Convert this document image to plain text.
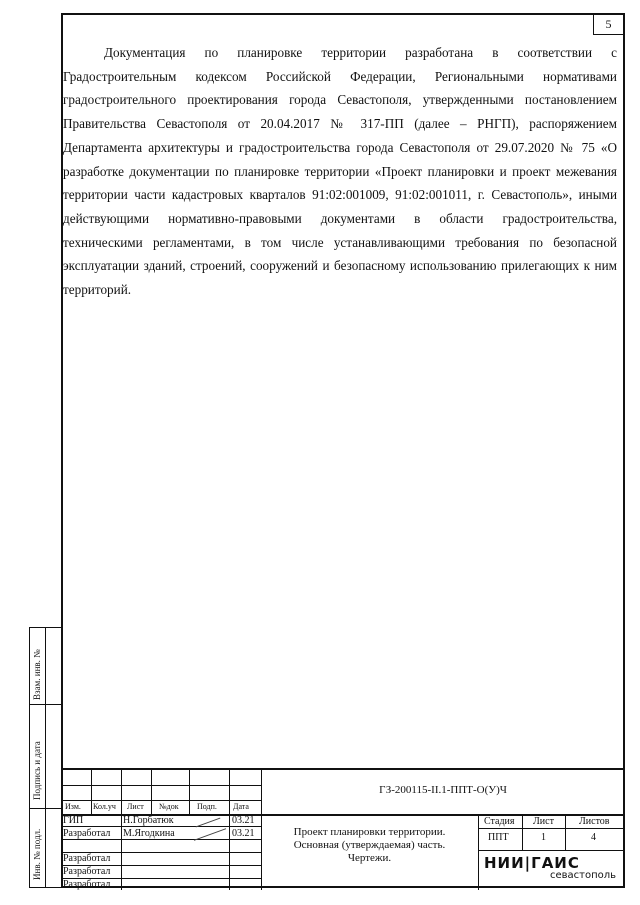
5

Документация по планировке территории разработана в соответствии с Градостроительным кодексом Российской Федерации, Региональными нормативами градостроительного проектирования города Севастополя, утвержденными постановлением Правительства Севастополя от 20.04.2017 № 317-ПП (далее – РНГП), распоряжением Департамента архитектуры и градостроительства города Севастополя от 29.07.2020 № 75 «О разработке документации по планировке территории «Проект планировки и проект межевания территории части кадастровых кварталов 91:02:001009, 91:02:001011, г. Севастополь», иными действующими нормативно-правовыми документами в области градостроительства, техническими регламентами, в том числе устанавливающими требования по безопасной эксплуатации зданий, строений, сооружений и безопасному использованию прилегающих к ним территорий.

Взам. инв. №
Подпись и дата
Инв. № подл.
Изм. Кол.уч Лист №док Подп. Дата
ГИП	Н.Горбатюк	03.21
Разработал М.Ягодкина	03.21
Разработал
Разработал
Разработал
ГЗ-200115-II.1-ППТ-О(У)Ч
Проект планировки территории.
Основная (утверждаемая) часть.
Чертежи.
Стадия Лист	Листов
ППТ	1	4
НИИ|ГАИС
севастополь
